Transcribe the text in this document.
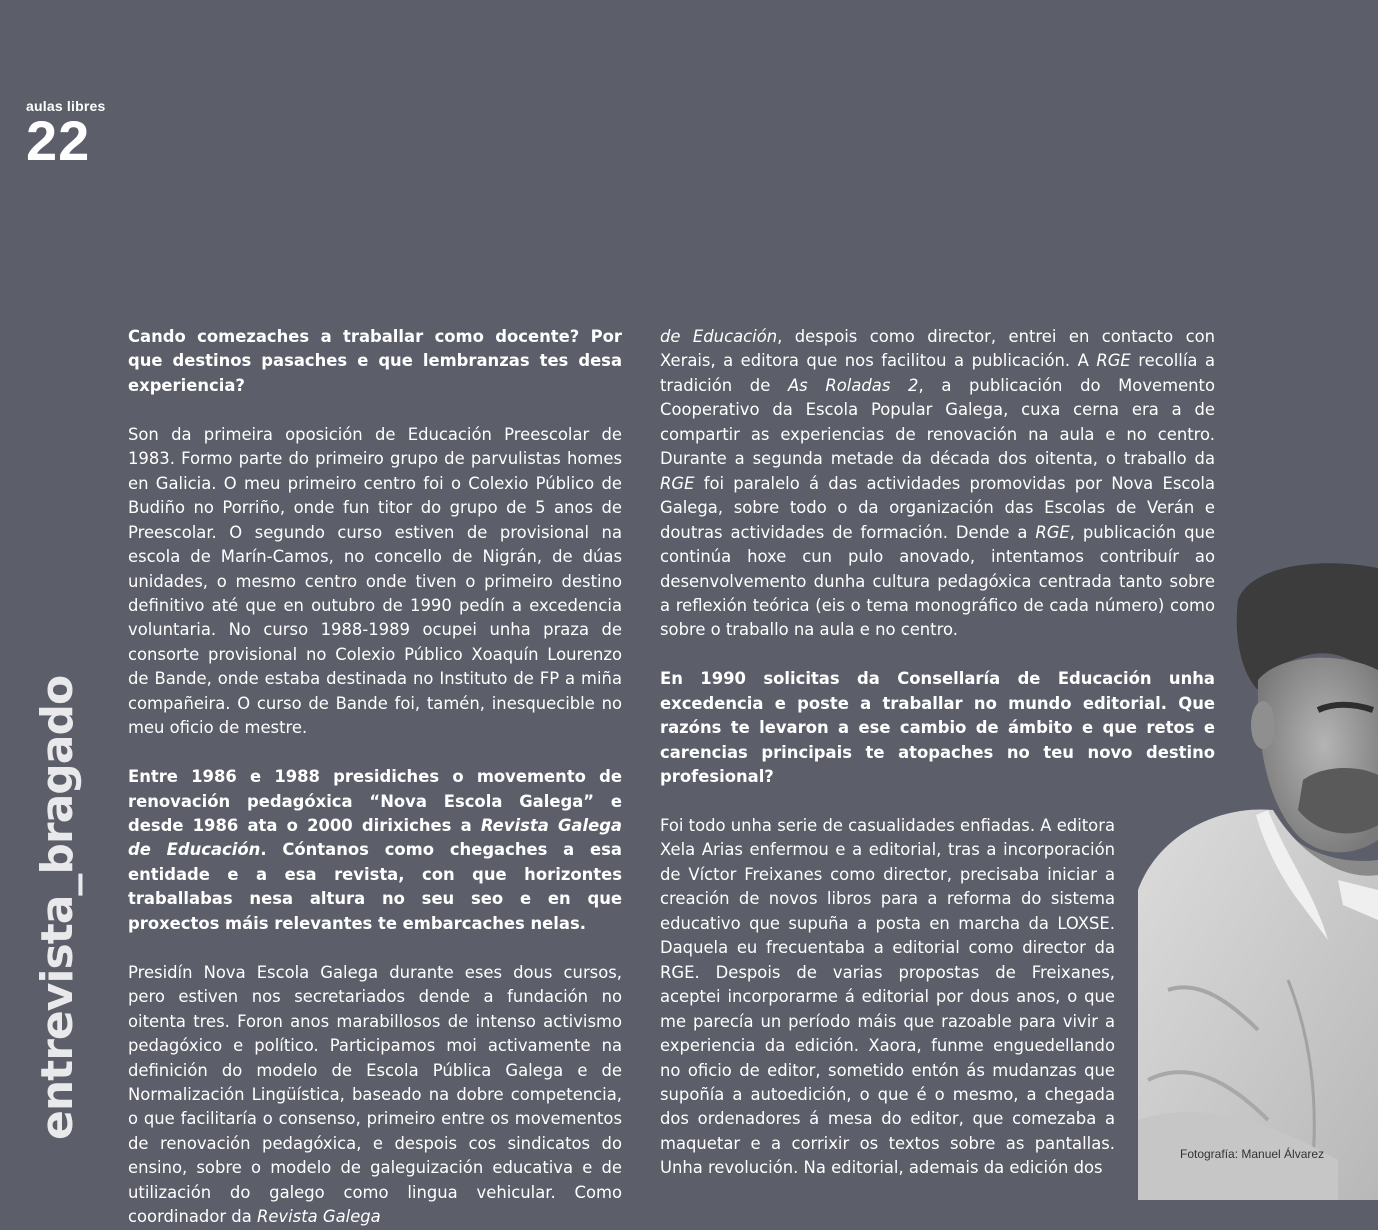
aulas libres
22
entrevista_bragado

Cando comezaches a traballar como docente? Por que destinos pasaches e que lembranzas tes desa experiencia?

Son da primeira oposición de Educación Preescolar de 1983. Formo parte do primeiro grupo de parvulistas homes en Galicia. O meu primeiro centro foi o Colexio Público de Budiño no Porriño, onde fun titor do grupo de 5 anos de Preescolar. O segundo curso estiven de provisional na escola de Marín-Camos, no concello de Nigrán, de dúas unidades, o mesmo centro onde tiven o primeiro destino definitivo até que en outubro de 1990 pedín a excedencia voluntaria. No curso 1988-1989 ocupei unha praza de consorte provisional no Colexio Público Xoaquín Lourenzo de Bande, onde estaba destinada no Instituto de FP a miña compañeira. O curso de Bande foi, tamén, inesquecible no meu oficio de mestre.

Entre 1986 e 1988 presidiches o movemento de renovación pedagóxica “Nova Escola Galega” e desde 1986 ata o 2000 dirixiches a Revista Galega de Educación. Cóntanos como chegaches a esa entidade e a esa revista, con que horizontes traballabas nesa altura no seu seo e en que proxectos máis relevantes te embarcaches nelas.

Presidín Nova Escola Galega durante eses dous cursos, pero estiven nos secretariados dende a fundación no oitenta tres. Foron anos marabillosos de intenso activismo pedagóxico e político. Participamos moi activamente na definición do modelo de Escola Pública Galega e de Normalización Lingüística, baseado na dobre competencia, o que facilitaría o consenso, primeiro entre os movementos de renovación pedagóxica, e despois cos sindicatos do ensino, sobre o modelo de galeguización educativa e de utilización do galego como lingua vehicular. Como coordinador da Revista Galega

de Educación, despois como director, entrei en contacto con Xerais, a editora que nos facilitou a publicación. A RGE recollía a tradición de As Roladas 2, a publicación do Movemento Cooperativo da Escola Popular Galega, cuxa cerna era a de compartir as experiencias de renovación na aula e no centro. Durante a segunda metade da década dos oitenta, o traballo da RGE foi paralelo á das actividades promovidas por Nova Escola Galega, sobre todo o da organización das Escolas de Verán e doutras actividades de formación. Dende a RGE, publicación que continúa hoxe cun pulo anovado, intentamos contribuír ao desenvolvemento dunha cultura pedagóxica centrada tanto sobre a reflexión teórica (eis o tema monográfico de cada número) como sobre o traballo na aula e no centro.

En 1990 solicitas da Consellaría de Educación unha excedencia e poste a traballar no mundo editorial. Que razóns te levaron a ese cambio de ámbito e que retos e carencias principais te atopaches no teu novo destino profesional?

Foi todo unha serie de casualidades enfiadas. A editora Xela Arias enfermou e a editorial, tras a incorporación de Víctor Freixanes como director, precisaba iniciar a creación de novos libros para a reforma do sistema educativo que supuña a posta en marcha da LOXSE. Daquela eu frecuentaba a editorial como director da RGE. Despois de varias propostas de Freixanes, aceptei incorporarme á editorial por dous anos, o que me parecía un período máis que razoable para vivir a experiencia da edición. Xaora, funme enguedellando no oficio de editor, sometido entón ás mudanzas que supoñía a autoedición, o que é o mesmo, a chegada dos ordenadores á mesa do editor, que comezaba a maquetar e a corrixir os textos sobre as pantallas. Unha revolución. Na editorial, ademais da edición dos

Fotografía: Manuel Álvarez
